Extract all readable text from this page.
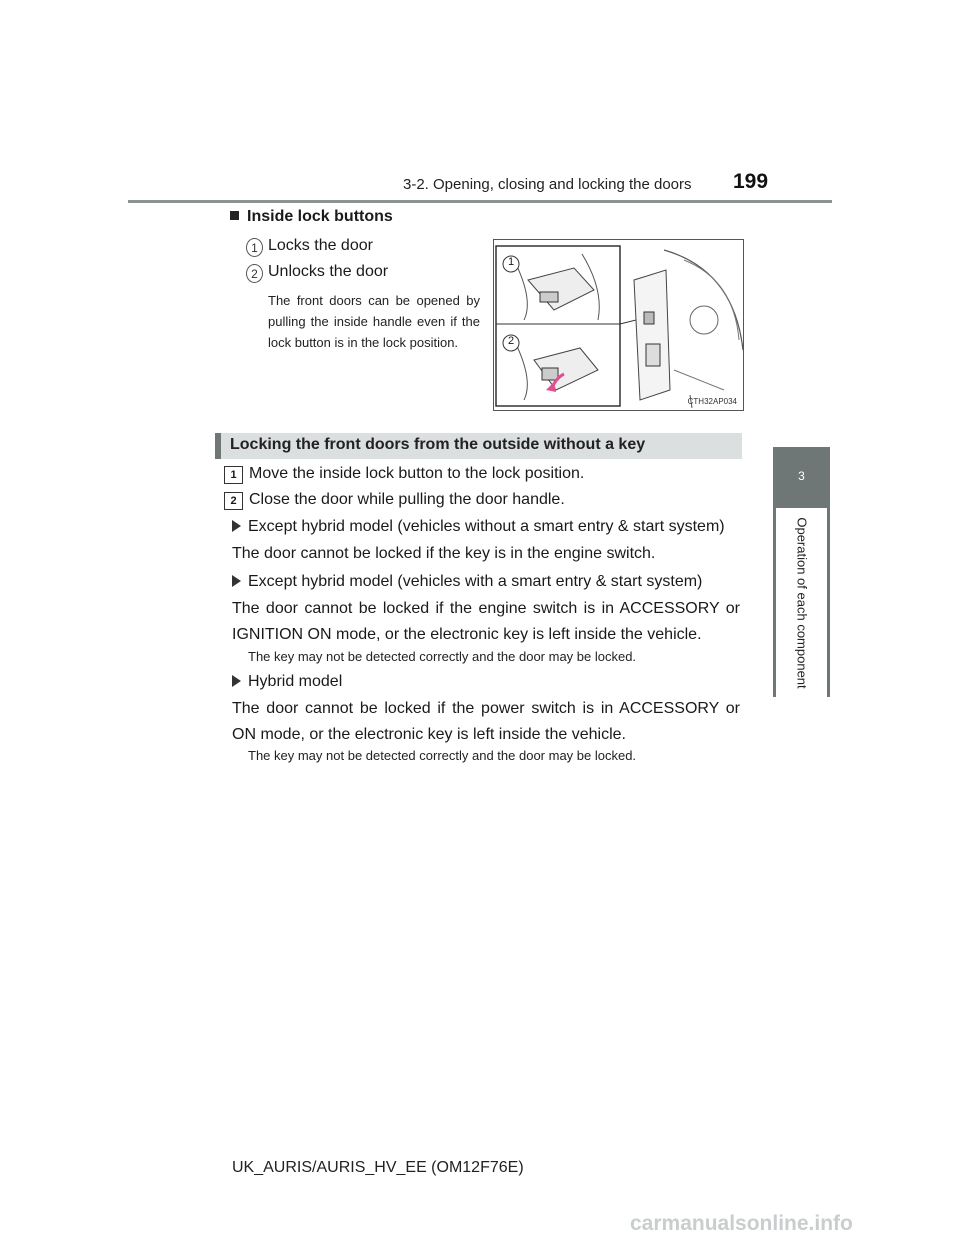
3-2. Opening, closing and locking the doors 199
3
Operation of each component
Inside lock buttons
1 Locks the door
2 Unlocks the door
The front doors can be opened by pulling the inside handle even if the lock button is in the lock position.
1
2
CTH32AP034
Locking the front doors from the outside without a key
1 Move the inside lock button to the lock position.
2 Close the door while pulling the door handle.
Except hybrid model (vehicles without a smart entry & start system)
The door cannot be locked if the key is in the engine switch.
Except hybrid model (vehicles with a smart entry & start system)
The door cannot be locked if the engine switch is in ACCESSORY or IGNITION ON mode, or the electronic key is left inside the vehicle.
The key may not be detected correctly and the door may be locked.
Hybrid model
The door cannot be locked if the power switch is in ACCESSORY or ON mode, or the electronic key is left inside the vehicle.
The key may not be detected correctly and the door may be locked.
UK_AURIS/AURIS_HV_EE (OM12F76E)
carmanualsonline.info
